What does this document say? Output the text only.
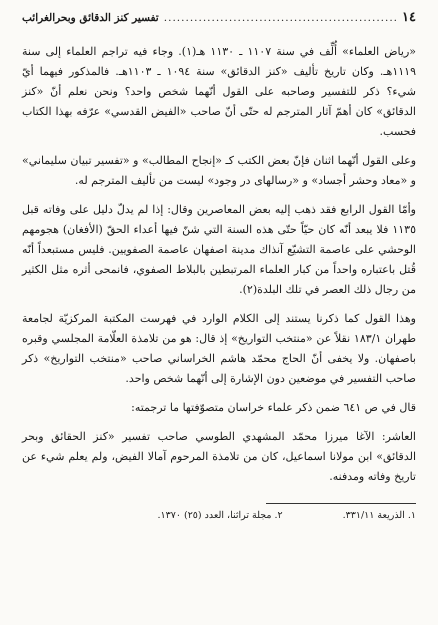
١٤
.....
تفسير كنز الدقائق وبحرالغرائب

«رياض العلماء» أُلِّف في سنة ١١٠٧ ـ ١١٣٠ هـ(١). وجاء فيه تراجم العلماء إلى سنة ١١١٩هـ. وكان تاريخ تأليف «كنز الدقائق» سنة ١٠٩٤ ـ ١١٠٣هـ. فالمذكور فيهما أيّ شيء؟ ذكر للتفسير وصاحبه على القول أنّهما شخص واحد؟ ونحن نعلم أنّ «كنز الدقائق» كان أهمّ آثار المترجم له حتّى أنّ صاحب «الفيض القدسي» عرّفه بهذا الكتاب فحسب.

وعلى القول أنّهما اثنان فإنّ بعض الكتب كـ «إنجاح المطالب» و «تفسير تبيان سليماني» و «معاد وحشر أجساد» و «رسالهاى در وجود» ليست من تأليف المترجم له.

وأمّا القول الرابع فقد ذهب إليه بعض المعاصرين وقال: إذا لم يدلّ دليل على وفاته قبل ١١٣٥ فلا يبعد أنّه كان حيّاً حتّى هذه السنة التي شنّ فيها أعداء الحقّ (الأفغان) هجومهم الوحشي على عاصمة التشيّع آنذاك مدينة اصفهان عاصمة الصفويين. فليس مستبعداً أنّه قُتل باعتباره واحداً من كبار العلماء المرتبطين بالبلاط الصفوي، فانمحى أثره مثل الكثير من رجال ذلك العصر في تلك البلدة(٢).

وهذا القول كما ذكرنا يستند إلى الكلام الوارد في فهرست المكتبة المركزيّة لجامعة طهران ١٨٣/١ نقلاً عن «منتخب التواريخ» إذ قال: هو من تلامذة العلّامة المجلسي وقبره باصفهان. ولا يخفى أنّ الحاج محمّد هاشم الخراساني صاحب «منتخب التواريخ» ذكر صاحب التفسير في موضعين دون الإشارة إلى أنّهما شخص واحد.

قال في ص ٦٤١ ضمن ذكر علماء خراسان متصوّفتها ما ترجمته:

العاشر: الآغا ميرزا محمّد المشهدي الطوسي صاحب تفسير «كنز الحقائق وبحر الدقائق» ابن مولانا اسماعيل، كان من تلامذة المرحوم آمالا الفيض، ولم يعلم شيء عن تاريخ وفاته ومدفنه.

١. الذريعة ٣٣١/١١.
٢. مجلة تراثنا، العدد (٢٥) ١٣٧٠.
